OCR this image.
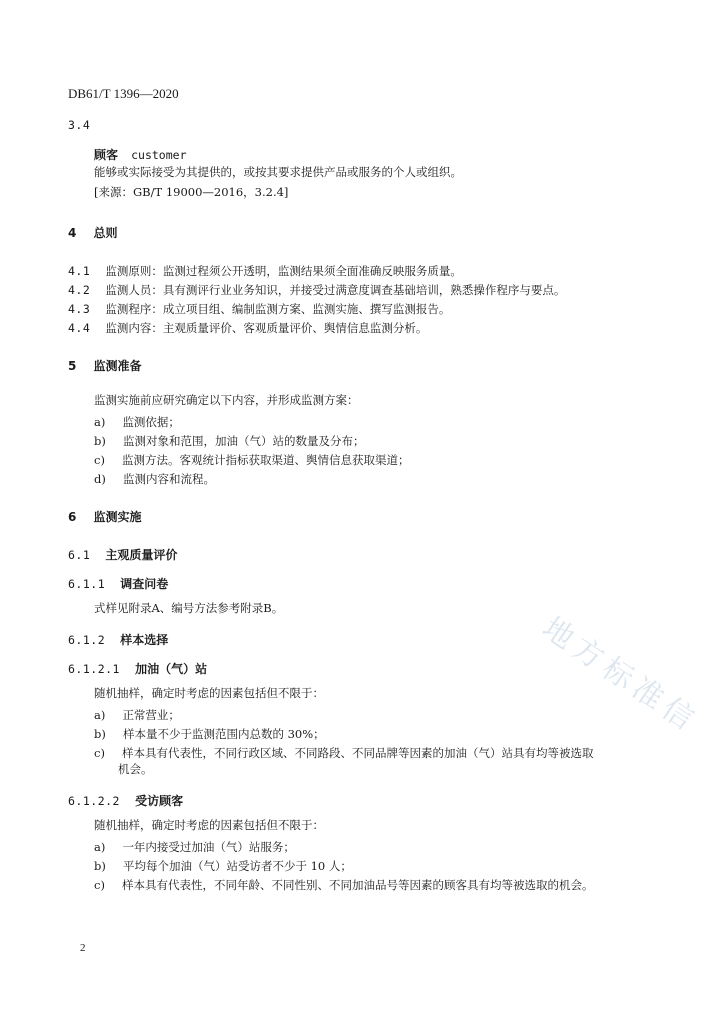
地方标准信
DB61/T 1396—2020
3.4
顾客 customer
能够或实际接受为其提供的，或按其要求提供产品或服务的个人或组织。
[来源：GB/T 19000—2016，3.2.4]
4 总则
4.1 监测原则：监测过程须公开透明，监测结果须全面准确反映服务质量。
4.2 监测人员：具有测评行业业务知识，并接受过满意度调查基础培训，熟悉操作程序与要点。
4.3 监测程序：成立项目组、编制监测方案、监测实施、撰写监测报告。
4.4 监测内容：主观质量评价、客观质量评价、舆情信息监测分析。
5 监测准备
监测实施前应研究确定以下内容，并形成监测方案：
a) 监测依据；
b) 监测对象和范围，加油（气）站的数量及分布；
c) 监测方法。客观统计指标获取渠道、舆情信息获取渠道；
d) 监测内容和流程。
6 监测实施
6.1 主观质量评价
6.1.1 调查问卷
式样见附录A、编号方法参考附录B。
6.1.2 样本选择
6.1.2.1 加油（气）站
随机抽样，确定时考虑的因素包括但不限于：
a) 正常营业；
b) 样本量不少于监测范围内总数的 30%；
c) 样本具有代表性，不同行政区域、不同路段、不同品牌等因素的加油（气）站具有均等被选取
机会。
6.1.2.2 受访顾客
随机抽样，确定时考虑的因素包括但不限于：
a) 一年内接受过加油（气）站服务；
b) 平均每个加油（气）站受访者不少于 10 人；
c) 样本具有代表性，不同年龄、不同性别、不同加油品号等因素的顾客具有均等被选取的机会。
2
